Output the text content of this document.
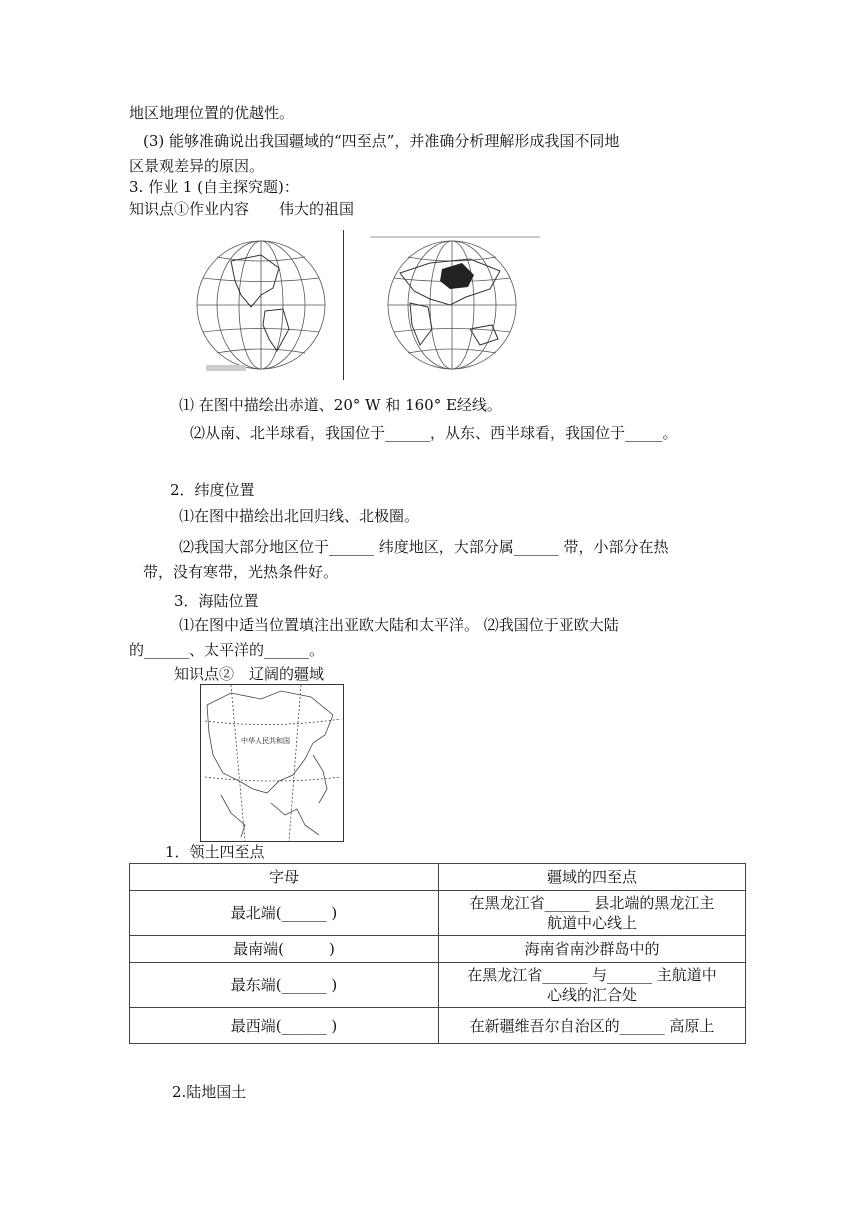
地区地理位置的优越性。
(3) 能够准确说出我国疆域的“四至点”，并准确分析理解形成我国不同地
区景观差异的原因。
3. 作业 1 (自主探究题)：
知识点①作业内容　　伟大的祖国
⑴ 在图中描绘出赤道、20° W 和 160° E经线。
⑵从南、北半球看，我国位于______，从东、西半球看，我国位于_____。
2．纬度位置
⑴在图中描绘出北回归线、北极圈。
⑵我国大部分地区位于______ 纬度地区，大部分属______ 带，小部分在热
带，没有寒带，光热条件好。
3．海陆位置
⑴在图中适当位置填注出亚欧大陆和太平洋。 ⑵我国位于亚欧大陆
的______、太平洋的______。
知识点②　辽阔的疆域
中华人民共和国
1．领土四至点
字母	疆域的四至点
最北端(______ )	在黑龙江省______ 县北端的黑龙江主
航道中心线上

最南端(　　　)	海南省南沙群岛中的
最东端(______ )	在黑龙江省______ 与______ 主航道中
心线的汇合处

最西端(______ )	在新疆维吾尔自治区的______ 高原上
2.陆地国土
